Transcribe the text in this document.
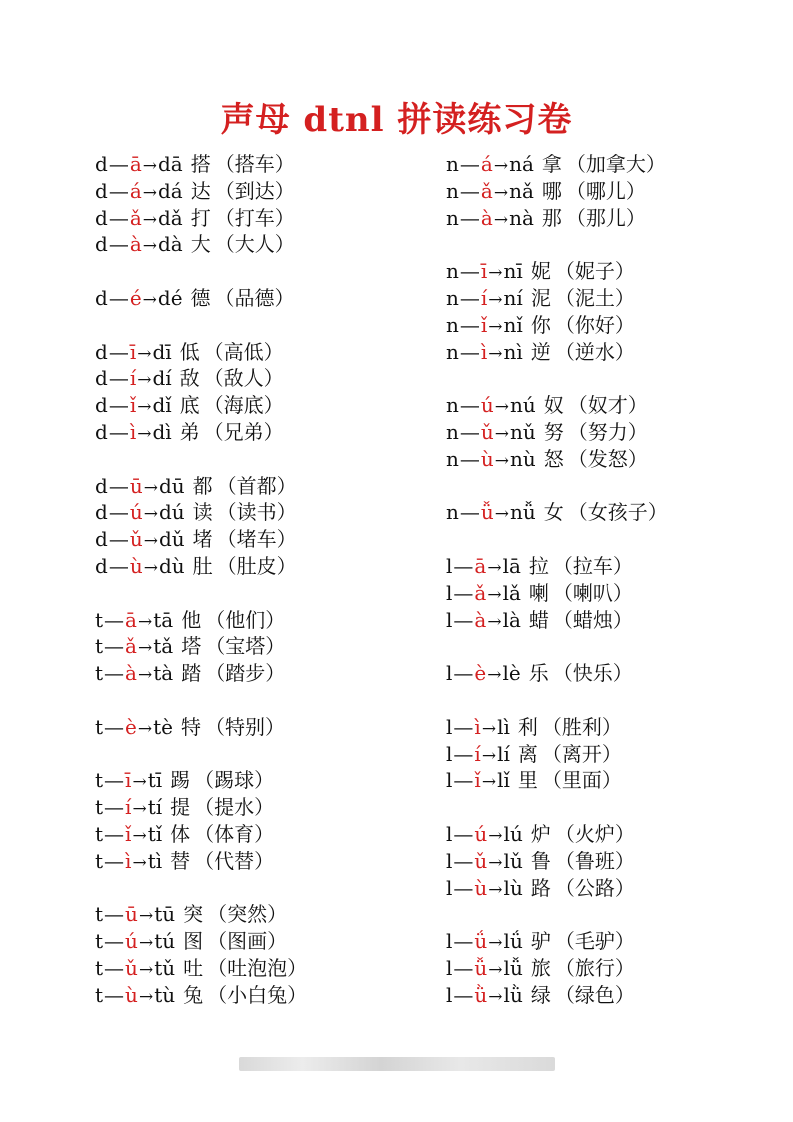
声母 dtnl 拼读练习卷
d—ā→dā 搭 （搭车）
d—á→dá 达 （到达）
d—ǎ→dǎ 打 （打车）
d—à→dà 大 （大人）
d—é→dé 德 （品德）
d—ī→dī 低 （高低）
d—í→dí 敌 （敌人）
d—ǐ→dǐ 底 （海底）
d—ì→dì 弟 （兄弟）
d—ū→dū 都 （首都）
d—ú→dú 读 （读书）
d—ǔ→dǔ 堵 （堵车）
d—ù→dù 肚 （肚皮）
t—ā→tā 他 （他们）
t—ǎ→tǎ 塔 （宝塔）
t—à→tà 踏 （踏步）
t—è→tè 特 （特别）
t—ī→tī 踢 （踢球）
t—í→tí 提 （提水）
t—ǐ→tǐ 体 （体育）
t—ì→tì 替 （代替）
t—ū→tū 突 （突然）
t—ú→tú 图 （图画）
t—ǔ→tǔ 吐 （吐泡泡）
t—ù→tù 兔 （小白兔）
n—á→ná 拿 （加拿大）
n—ǎ→nǎ 哪 （哪儿）
n—à→nà 那 （那儿）
n—ī→nī 妮 （妮子）
n—í→ní 泥 （泥土）
n—ǐ→nǐ 你 （你好）
n—ì→nì 逆 （逆水）
n—ú→nú 奴 （奴才）
n—ǔ→nǔ 努 （努力）
n—ù→nù 怒 （发怒）
n—ǚ→nǚ 女 （女孩子）
l—ā→lā 拉 （拉车）
l—ǎ→lǎ 喇 （喇叭）
l—à→là 蜡 （蜡烛）
l—è→lè 乐 （快乐）
l—ì→lì 利 （胜利）
l—í→lí 离 （离开）
l—ǐ→lǐ 里 （里面）
l—ú→lú 炉 （火炉）
l—ǔ→lǔ 鲁 （鲁班）
l—ù→lù 路 （公路）
l—ǘ→lǘ 驴 （毛驴）
l—ǚ→lǚ 旅 （旅行）
l—ǜ→lǜ 绿 （绿色）
